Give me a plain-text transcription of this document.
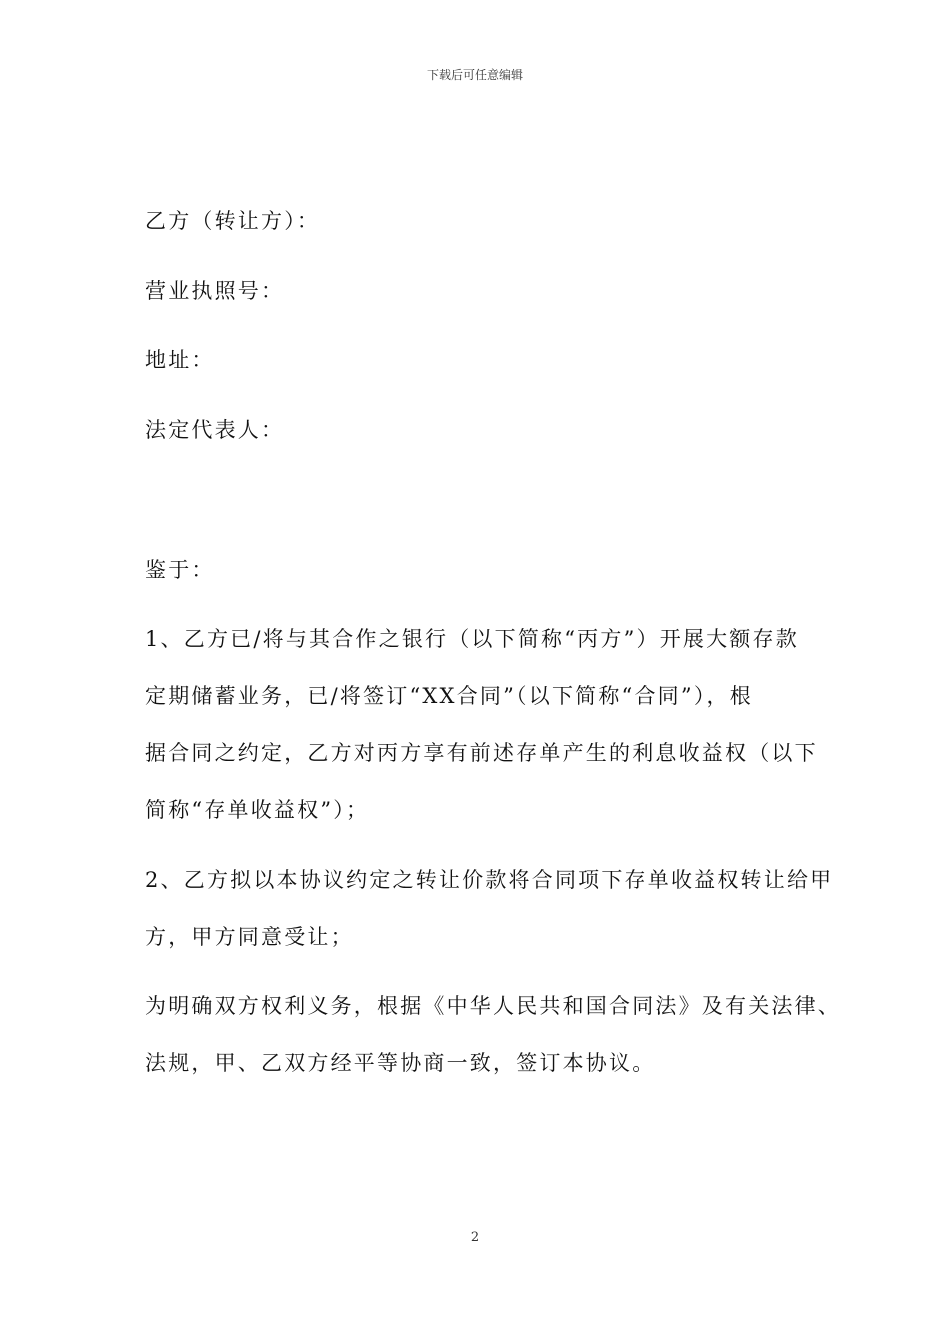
下载后可任意编辑
乙方（转让方）：
营业执照号：
地址：
法定代表人：
鉴于：
1、乙方已/将与其合作之银行（以下简称“丙方”）开展大额存款
定期储蓄业务，已/将签订“XX合同”（以下简称“合同”），根
据合同之约定，乙方对丙方享有前述存单产生的利息收益权（以下
简称“存单收益权”）；
2、乙方拟以本协议约定之转让价款将合同项下存单收益权转让给甲
方，甲方同意受让；
为明确双方权利义务，根据《中华人民共和国合同法》及有关法律、
法规，甲、乙双方经平等协商一致，签订本协议。
2
